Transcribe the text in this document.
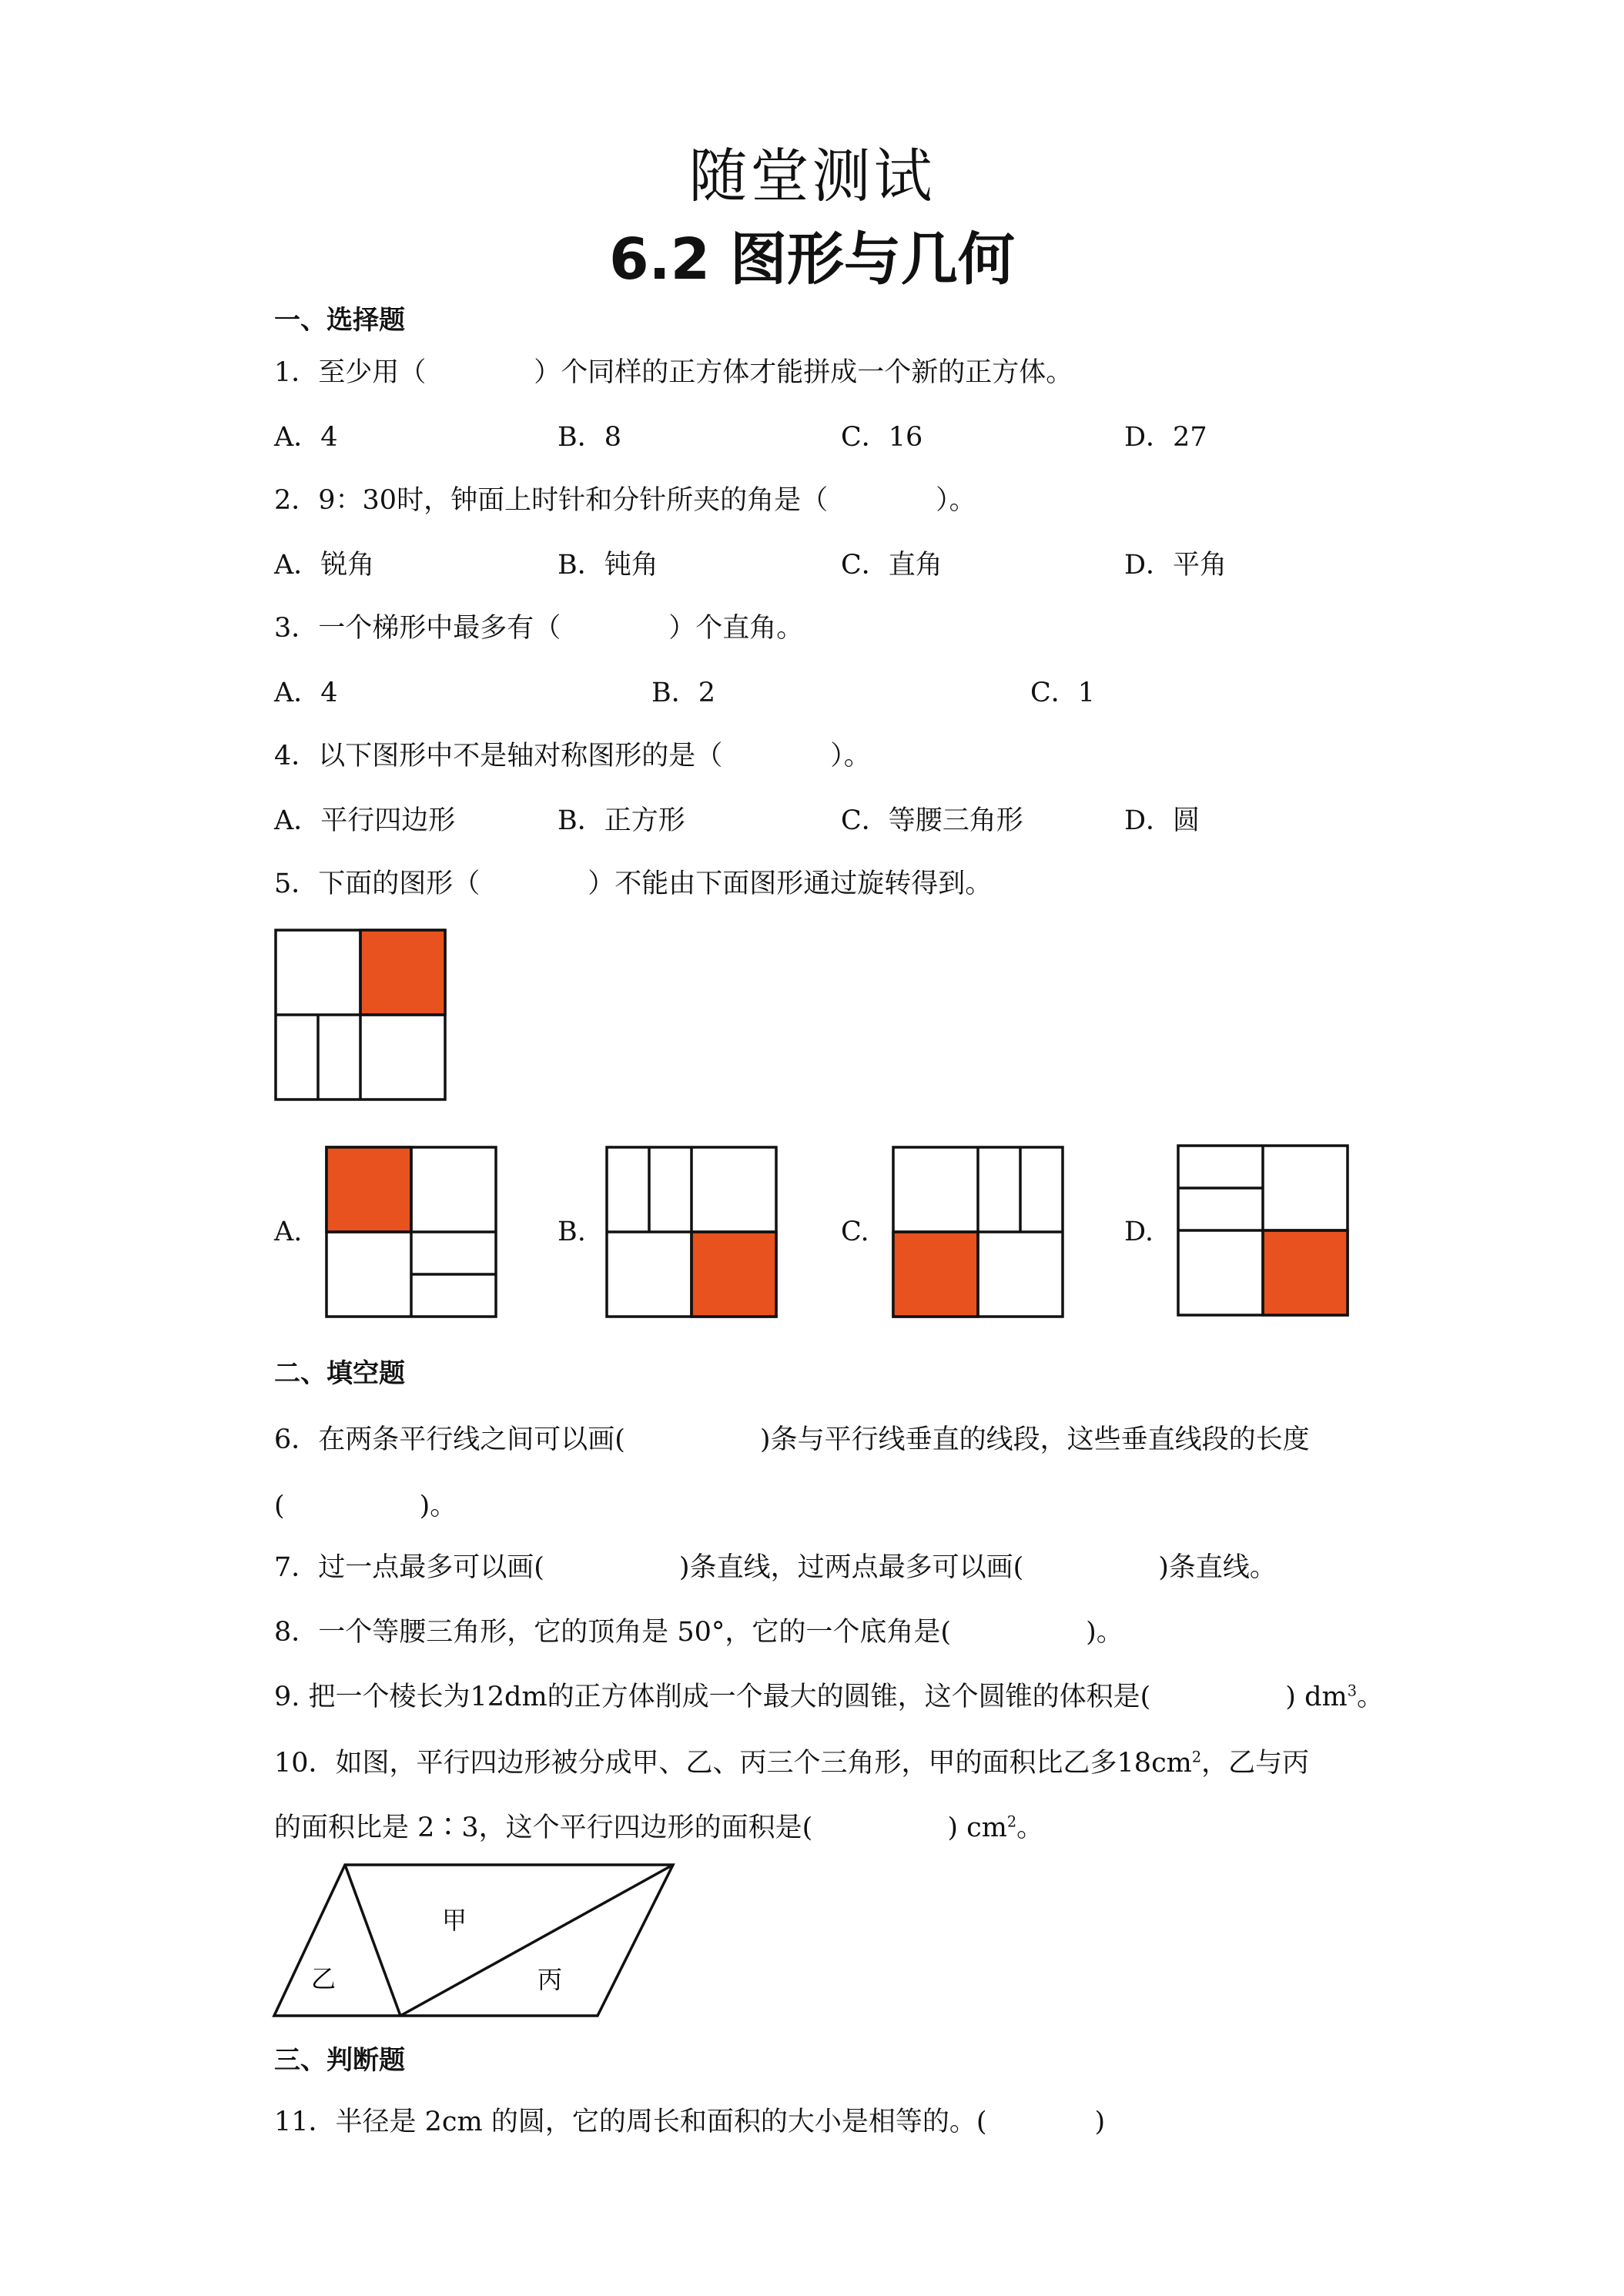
随堂测试
6.2 图形与几何
一、选择题
1．至少用（　　　　）个同样的正方体才能拼成一个新的正方体。
A．4	B．8	C．16	D．27
2．9：30时，钟面上时针和分针所夹的角是（　　　　）。
A．锐角	B．钝角	C．直角	D．平角
3．一个梯形中最多有（　　　　）个直角。
A．4	B．2	C．1
4．以下图形中不是轴对称图形的是（　　　　）。
A．平行四边形	B．正方形	C．等腰三角形	D．圆
5．下面的图形（　　　　）不能由下面图形通过旋转得到。
A.	B.	C.	D.
二、填空题
6．在两条平行线之间可以画(　　　　　)条与平行线垂直的线段，这些垂直线段的长度
(　　　　　)。
7．过一点最多可以画(　　　　　)条直线，过两点最多可以画(　　　　　)条直线。
8．一个等腰三角形，它的顶角是 50°，它的一个底角是(　　　　　)。
9. 把一个棱长为12dm的正方体削成一个最大的圆锥，这个圆锥的体积是(　　　　　) $dm^3$。
10．如图，平行四边形被分成甲、乙、丙三个三角形，甲的面积比乙多$18cm^2$，乙与丙
的面积比是 2∶3，这个平行四边形的面积是(　　　　　) $cm^2$。
甲
乙	丙
三、判断题
11．半径是 2cm 的圆，它的周长和面积的大小是相等的。(　　　　)
